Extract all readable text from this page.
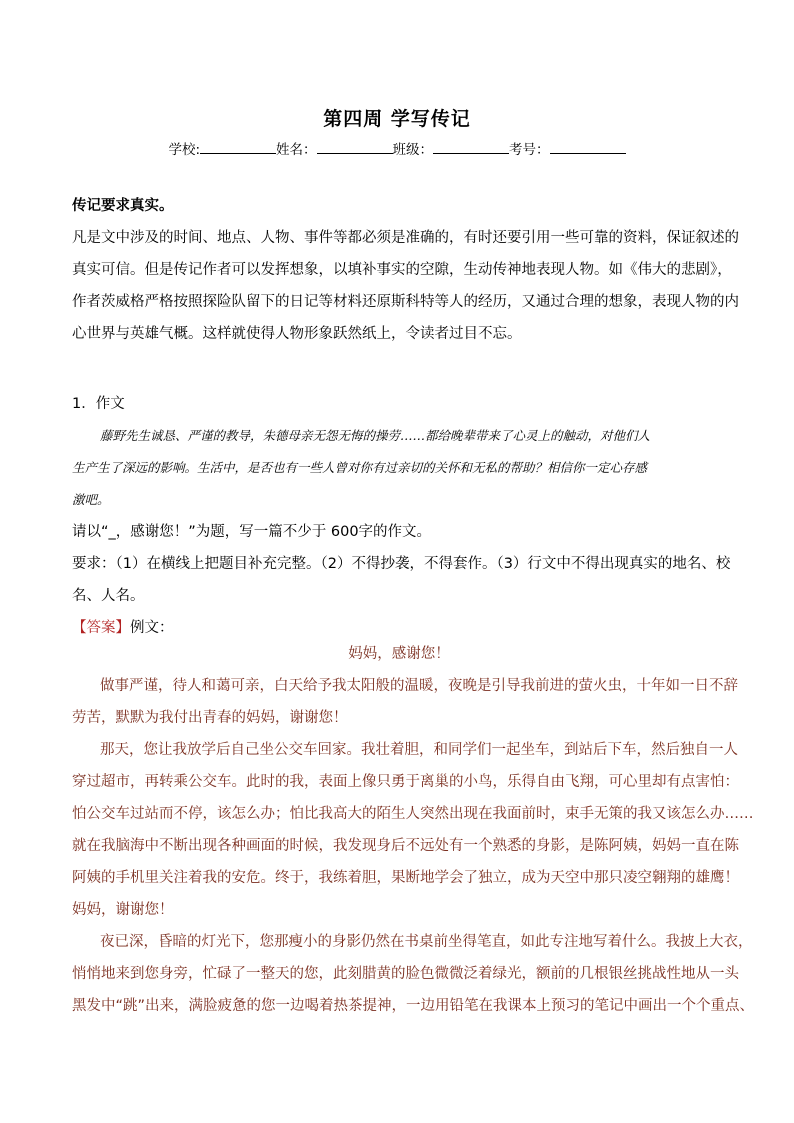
第四周 学写传记
学校:	姓名：	班级：	考号：
传记要求真实。
凡是文中涉及的时间、地点、人物、事件等都必须是准确的，有时还要引用一些可靠的资料，保证叙述的
真实可信。但是传记作者可以发挥想象，以填补事实的空隙，生动传神地表现人物。如《伟大的悲剧》，
作者茨威格严格按照探险队留下的日记等材料还原斯科特等人的经历，又通过合理的想象，表现人物的内
心世界与英雄气概。这样就使得人物形象跃然纸上，令读者过目不忘。
1．作文
藤野先生诚恳、严谨的教导，朱德母亲无怨无悔的操劳……都给晚辈带来了心灵上的触动，对他们人
生产生了深远的影响。生活中，是否也有一些人曾对你有过亲切的关怀和无私的帮助？相信你一定心存感
激吧。
请以“_，感谢您！”为题，写一篇不少于 600字的作文。
要求：（1）在横线上把题目补充完整。（2）不得抄袭，不得套作。（3）行文中不得出现真实的地名、校
名、人名。
【答案】例文：
妈妈，感谢您！
做事严谨，待人和蔼可亲，白天给予我太阳般的温暖，夜晚是引导我前进的萤火虫，十年如一日不辞
劳苦，默默为我付出青春的妈妈，谢谢您！
那天，您让我放学后自己坐公交车回家。我壮着胆，和同学们一起坐车，到站后下车，然后独自一人
穿过超市，再转乘公交车。此时的我，表面上像只勇于离巢的小鸟，乐得自由飞翔，可心里却有点害怕：
怕公交车过站而不停，该怎么办；怕比我高大的陌生人突然出现在我面前时，束手无策的我又该怎么办……
就在我脑海中不断出现各种画面的时候，我发现身后不远处有一个熟悉的身影，是陈阿姨，妈妈一直在陈
阿姨的手机里关注着我的安危。终于，我练着胆，果断地学会了独立，成为天空中那只凌空翱翔的雄鹰！
妈妈，谢谢您！
夜已深，昏暗的灯光下，您那瘦小的身影仍然在书桌前坐得笔直，如此专注地写着什么。我披上大衣，
悄悄地来到您身旁，忙碌了一整天的您，此刻腊黄的脸色微微泛着绿光，额前的几根银丝挑战性地从一头
黑发中“跳”出来，满脸疲惫的您一边喝着热茶提神，一边用铅笔在我课本上预习的笔记中画出一个个重点、
